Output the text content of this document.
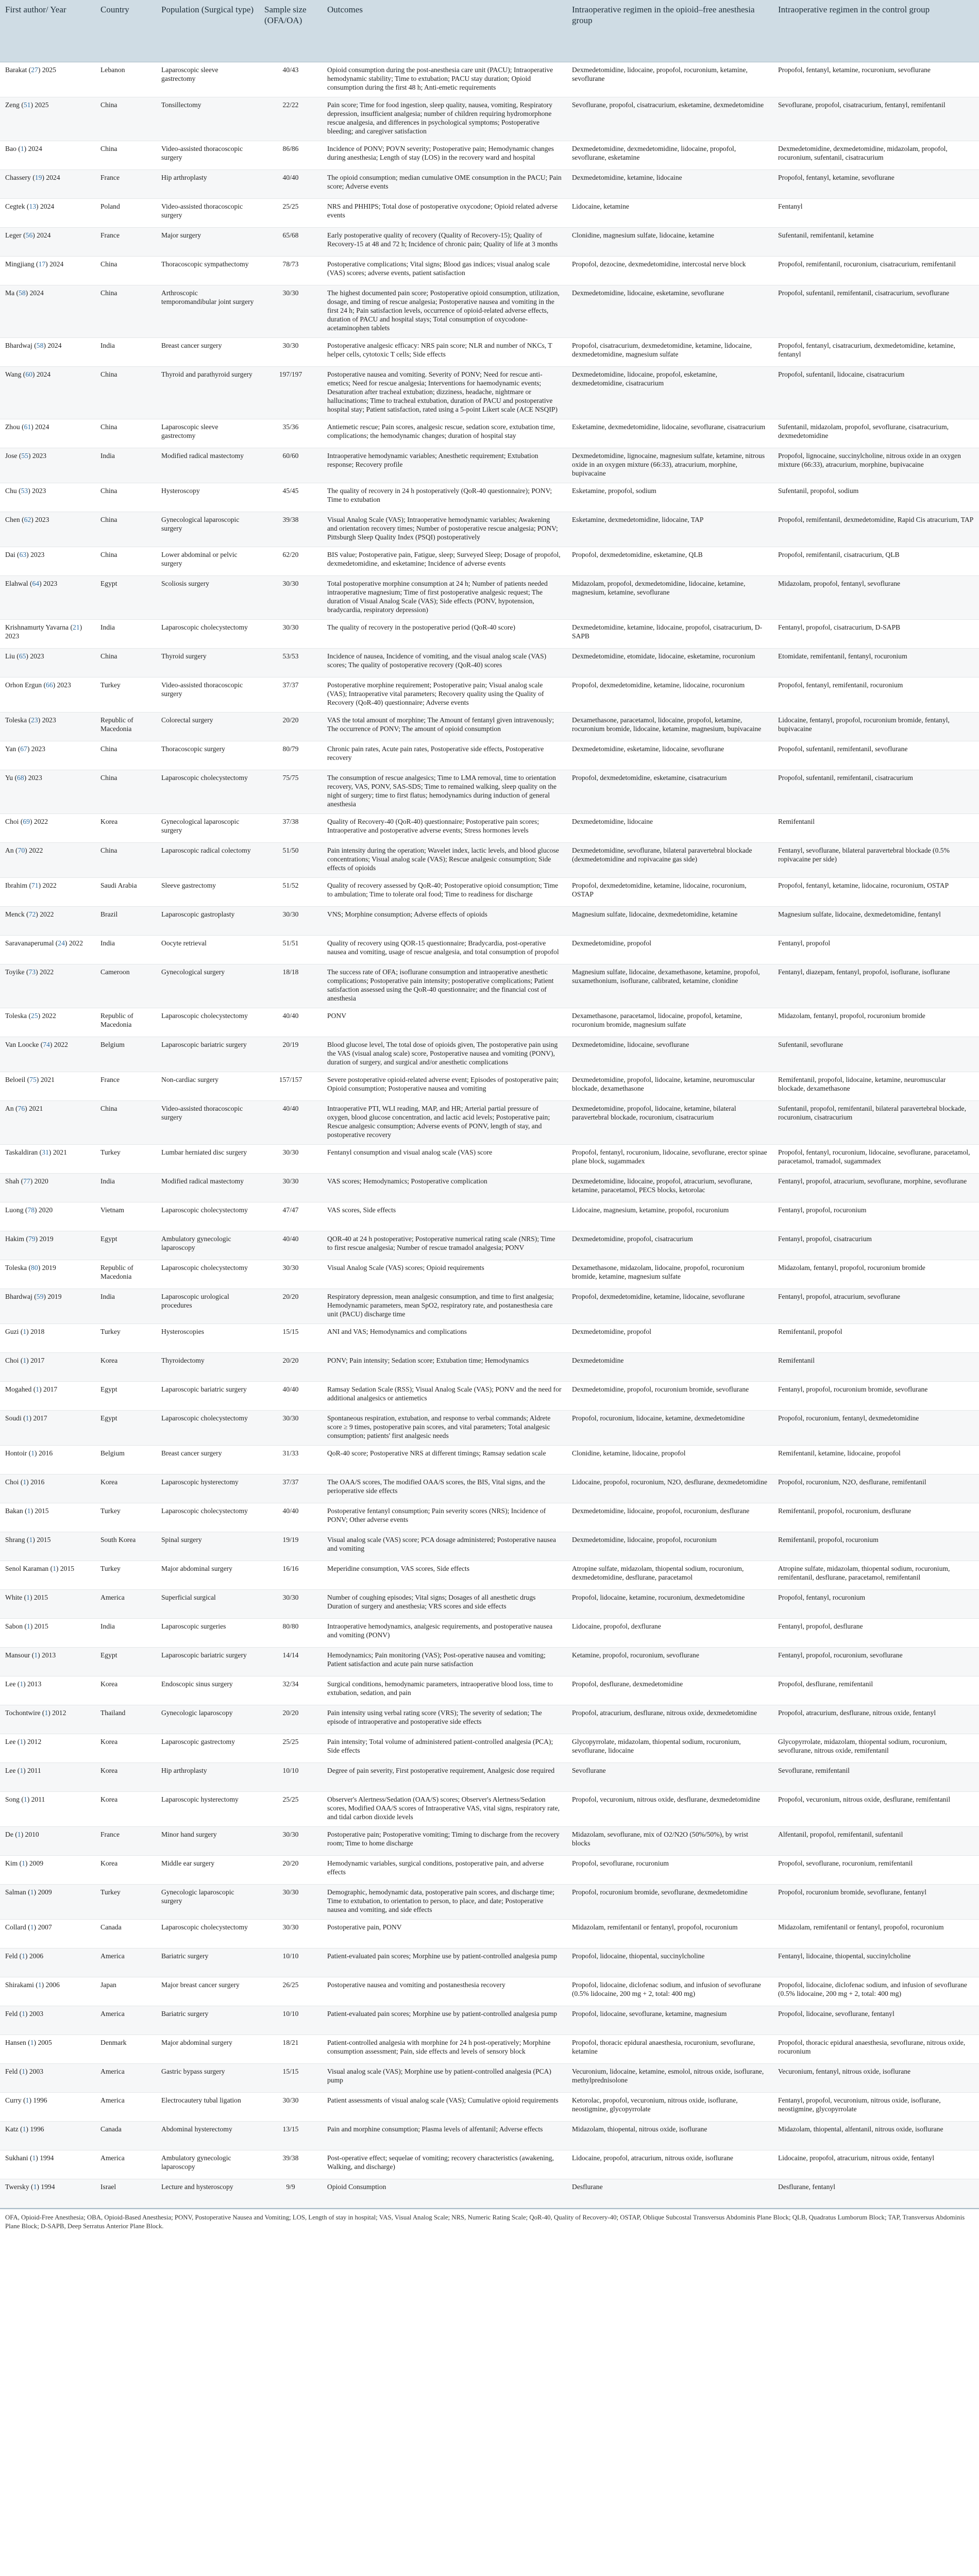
First author/ Year	Country	Population (Surgical type)	Sample size (OFA/OA)	Outcomes	Intraoperative regimen in the opioid–free anesthesia group	Intraoperative regimen in the control group
Barakat (27) 2025	Lebanon	Laparoscopic sleeve gastrectomy	40/43	Opioid consumption during the post-anesthesia care unit (PACU); Intraoperative hemodynamic stability; Time to extubation; PACU stay duration; Opioid consumption during the first 48 h; Anti-emetic requirements	Dexmedetomidine, lidocaine, propofol, rocuronium, ketamine, sevoflurane	Propofol, fentanyl, ketamine, rocuronium, sevoflurane
Zeng (51) 2025	China	Tonsillectomy	22/22	Pain score; Time for food ingestion, sleep quality, nausea, vomiting, Respiratory depression, insufficient analgesia; number of children requiring hydromorphone rescue analgesia, and differences in psychological symptoms; Postoperative bleeding; and caregiver satisfaction	Sevoflurane, propofol, cisatracurium, esketamine, dexmedetomidine	Sevoflurane, propofol, cisatracurium, fentanyl, remifentanil
Bao (1) 2024	China	Video-assisted thoracoscopic surgery	86/86	Incidence of PONV; POVN severity; Postoperative pain; Hemodynamic changes during anesthesia; Length of stay (LOS) in the recovery ward and hospital	Dexmedetomidine, dexmedetomidine, lidocaine, propofol, sevoflurane, esketamine	Dexmedetomidine, dexmedetomidine, midazolam, propofol, rocuronium, sufentanil, cisatracurium
Chassery (19) 2024	France	Hip arthroplasty	40/40	The opioid consumption; median cumulative OME consumption in the PACU; Pain score; Adverse events	Dexmedetomidine, ketamine, lidocaine	Propofol, fentanyl, ketamine, sevoflurane
Cegtek (13) 2024	Poland	Video-assisted thoracoscopic surgery	25/25	NRS and PHHIPS; Total dose of postoperative oxycodone; Opioid related adverse events	Lidocaine, ketamine	Fentanyl
Leger (56) 2024	France	Major surgery	65/68	Early postoperative quality of recovery (Quality of Recovery-15); Quality of Recovery-15 at 48 and 72 h; Incidence of chronic pain; Quality of life at 3 months	Clonidine, magnesium sulfate, lidocaine, ketamine	Sufentanil, remifentanil, ketamine
Mingjiang (17) 2024	China	Thoracoscopic sympathectomy	78/73	Postoperative complications; Vital signs; Blood gas indices; visual analog scale (VAS) scores; adverse events, patient satisfaction	Propofol, dezocine, dexmedetomidine, intercostal nerve block	Propofol, remifentanil, rocuronium, cisatracurium, remifentanil
Ma (58) 2024	China	Arthroscopic temporomandibular joint surgery	30/30	The highest documented pain score; Postoperative opioid consumption, utilization, dosage, and timing of rescue analgesia; Postoperative nausea and vomiting in the first 24 h; Pain satisfaction levels, occurrence of opioid-related adverse effects, duration of PACU and hospital stays; Total consumption of oxycodone-acetaminophen tablets	Dexmedetomidine, lidocaine, esketamine, sevoflurane	Propofol, sufentanil, remifentanil, cisatracurium, sevoflurane
Bhardwaj (58) 2024	India	Breast cancer surgery	30/30	Postoperative analgesic efficacy: NRS pain score; NLR and number of NKCs, T helper cells, cytotoxic T cells; Side effects	Propofol, cisatracurium, dexmedetomidine, ketamine, lidocaine, dexmedetomidine, magnesium sulfate	Propofol, fentanyl, cisatracurium, dexmedetomidine, ketamine, fentanyl
Wang (60) 2024	China	Thyroid and parathyroid surgery	197/197	Postoperative nausea and vomiting. Severity of PONV; Need for rescue anti-emetics; Need for rescue analgesia; Interventions for haemodynamic events; Desaturation after tracheal extubation; dizziness, headache, nightmare or hallucinations; Time to tracheal extubation, duration of PACU and postoperative hospital stay; Patient satisfaction, rated using a 5-point Likert scale (ACE NSQIP)	Dexmedetomidine, lidocaine, propofol, esketamine, dexmedetomidine, cisatracurium	Propofol, sufentanil, lidocaine, cisatracurium
Zhou (61) 2024	China	Laparoscopic sleeve gastrectomy	35/36	Antiemetic rescue; Pain scores, analgesic rescue, sedation score, extubation time, complications; the hemodynamic changes; duration of hospital stay	Esketamine, dexmedetomidine, lidocaine, sevoflurane, cisatracurium	Sufentanil, midazolam, propofol, sevoflurane, cisatracurium, dexmedetomidine
Jose (55) 2023	India	Modified radical mastectomy	60/60	Intraoperative hemodynamic variables; Anesthetic requirement; Extubation response; Recovery profile	Dexmedetomidine, lignocaine, magnesium sulfate, ketamine, nitrous oxide in an oxygen mixture (66:33), atracurium, morphine, bupivacaine	Propofol, lignocaine, succinylcholine, nitrous oxide in an oxygen mixture (66:33), atracurium, morphine, bupivacaine
Chu (53) 2023	China	Hysteroscopy	45/45	The quality of recovery in 24 h postoperatively (QoR-40 questionnaire); PONV; Time to extubation	Esketamine, propofol, sodium	Sufentanil, propofol, sodium
Chen (62) 2023	China	Gynecological laparoscopic surgery	39/38	Visual Analog Scale (VAS); Intraoperative hemodynamic variables; Awakening and orientation recovery times; Number of postoperative rescue analgesia; PONV; Pittsburgh Sleep Quality Index (PSQI) postoperatively	Esketamine, dexmedetomidine, lidocaine, TAP	Propofol, remifentanil, dexmedetomidine, Rapid Cis atracurium, TAP
Dai (63) 2023	China	Lower abdominal or pelvic surgery	62/20	BIS value; Postoperative pain, Fatigue, sleep; Surveyed Sleep; Dosage of propofol, dexmedetomidine, and esketamine; Incidence of adverse events	Propofol, dexmedetomidine, esketamine, QLB	Propofol, remifentanil, cisatracurium, QLB
Elahwal (64) 2023	Egypt	Scoliosis surgery	30/30	Total postoperative morphine consumption at 24 h; Number of patients needed intraoperative magnesium; Time of first postoperative analgesic request; The duration of Visual Analog Scale (VAS); Side effects (PONV, hypotension, bradycardia, respiratory depression)	Midazolam, propofol, dexmedetomidine, lidocaine, ketamine, magnesium, ketamine, sevoflurane	Midazolam, propofol, fentanyl, sevoflurane
Krishnamurty Yavarna (21) 2023	India	Laparoscopic cholecystectomy	30/30	The quality of recovery in the postoperative period (QoR-40 score)	Dexmedetomidine, ketamine, lidocaine, propofol, cisatracurium, D-SAPB	Fentanyl, propofol, cisatracurium, D-SAPB
Liu (65) 2023	China	Thyroid surgery	53/53	Incidence of nausea, Incidence of vomiting, and the visual analog scale (VAS) scores; The quality of postoperative recovery (QoR-40) scores	Dexmedetomidine, etomidate, lidocaine, esketamine, rocuronium	Etomidate, remifentanil, fentanyl, rocuronium
Orhon Ergun (66) 2023	Turkey	Video-assisted thoracoscopic surgery	37/37	Postoperative morphine requirement; Postoperative pain; Visual analog scale (VAS); Intraoperative vital parameters; Recovery quality using the Quality of Recovery (QoR-40) questionnaire; Adverse events	Propofol, dexmedetomidine, ketamine, lidocaine, rocuronium	Propofol, fentanyl, remifentanil, rocuronium
Toleska (23) 2023	Republic of Macedonia	Colorectal surgery	20/20	VAS the total amount of morphine; The Amount of fentanyl given intravenously; The occurrence of PONV; The amount of opioid consumption	Dexamethasone, paracetamol, lidocaine, propofol, ketamine, rocuronium bromide, lidocaine, ketamine, magnesium, bupivacaine	Lidocaine, fentanyl, propofol, rocuronium bromide, fentanyl, bupivacaine
Yan (67) 2023	China	Thoracoscopic surgery	80/79	Chronic pain rates, Acute pain rates, Postoperative side effects, Postoperative recovery	Dexmedetomidine, esketamine, lidocaine, sevoflurane	Propofol, sufentanil, remifentanil, sevoflurane
Yu (68) 2023	China	Laparoscopic cholecystectomy	75/75	The consumption of rescue analgesics; Time to LMA removal, time to orientation recovery, VAS, PONV, SAS-SDS; Time to remained walking, sleep quality on the night of surgery; time to first flatus; hemodynamics during induction of general anesthesia	Propofol, dexmedetomidine, esketamine, cisatracurium	Propofol, sufentanil, remifentanil, cisatracurium
Choi (69) 2022	Korea	Gynecological laparoscopic surgery	37/38	Quality of Recovery-40 (QoR-40) questionnaire; Postoperative pain scores; Intraoperative and postoperative adverse events; Stress hormones levels	Dexmedetomidine, lidocaine	Remifentanil
An (70) 2022	China	Laparoscopic radical colectomy	51/50	Pain intensity during the operation; Wavelet index, lactic levels, and blood glucose concentrations; Visual analog scale (VAS); Rescue analgesic consumption; Side effects of opioids	Dexmedetomidine, sevoflurane, bilateral paravertebral blockade (dexmedetomidine and ropivacaine gas side)	Fentanyl, sevoflurane, bilateral paravertebral blockade (0.5% ropivacaine per side)
Ibrahim (71) 2022	Saudi Arabia	Sleeve gastrectomy	51/52	Quality of recovery assessed by QoR-40; Postoperative opioid consumption; Time to ambulation; Time to tolerate oral food; Time to readiness for discharge	Propofol, dexmedetomidine, ketamine, lidocaine, rocuronium, OSTAP	Propofol, fentanyl, ketamine, lidocaine, rocuronium, OSTAP
Menck (72) 2022	Brazil	Laparoscopic gastroplasty	30/30	VNS; Morphine consumption; Adverse effects of opioids	Magnesium sulfate, lidocaine, dexmedetomidine, ketamine	Magnesium sulfate, lidocaine, dexmedetomidine, fentanyl
Saravanaperumal (24) 2022	India	Oocyte retrieval	51/51	Quality of recovery using QOR-15 questionnaire; Bradycardia, post-operative nausea and vomiting, usage of rescue analgesia, and total consumption of propofol	Dexmedetomidine, propofol	Fentanyl, propofol
Toyike (73) 2022	Cameroon	Gynecological surgery	18/18	The success rate of OFA; isoflurane consumption and intraoperative anesthetic complications; Postoperative pain intensity; postoperative complications; Patient satisfaction assessed using the QoR-40 questionnaire; and the financial cost of anesthesia	Magnesium sulfate, lidocaine, dexamethasone, ketamine, propofol, suxamethonium, isoflurane, calibrated, ketamine, clonidine	Fentanyl, diazepam, fentanyl, propofol, isoflurane, isoflurane
Toleska (25) 2022	Republic of Macedonia	Laparoscopic cholecystectomy	40/40	PONV	Dexamethasone, paracetamol, lidocaine, propofol, ketamine, rocuronium bromide, magnesium sulfate	Midazolam, fentanyl, propofol, rocuronium bromide
Van Loocke (74) 2022	Belgium	Laparoscopic bariatric surgery	20/19	Blood glucose level, The total dose of opioids given, The postoperative pain using the VAS (visual analog scale) score, Postoperative nausea and vomiting (PONV), duration of surgery, and surgical and/or anesthetic complications	Dexmedetomidine, lidocaine, sevoflurane	Sufentanil, sevoflurane
Beloeil (75) 2021	France	Non-cardiac surgery	157/157	Severe postoperative opioid-related adverse event; Episodes of postoperative pain; Opioid consumption; Postoperative nausea and vomiting	Dexmedetomidine, propofol, lidocaine, ketamine, neuromuscular blockade, dexamethasone	Remifentanil, propofol, lidocaine, ketamine, neuromuscular blockade, dexamethasone
An (76) 2021	China	Video-assisted thoracoscopic surgery	40/40	Intraoperative PTI, WLI reading, MAP, and HR; Arterial partial pressure of oxygen, blood glucose concentration, and lactic acid levels; Postoperative pain; Rescue analgesic consumption; Adverse events of PONV, length of stay, and postoperative recovery	Dexmedetomidine, propofol, lidocaine, ketamine, bilateral paravertebral blockade, rocuronium, cisatracurium	Sufentanil, propofol, remifentanil, bilateral paravertebral blockade, rocuronium, cisatracurium
Taskaldiran (31) 2021	Turkey	Lumbar herniated disc surgery	30/30	Fentanyl consumption and visual analog scale (VAS) score	Propofol, fentanyl, rocuronium, lidocaine, sevoflurane, erector spinae plane block, sugammadex	Propofol, fentanyl, rocuronium, lidocaine, sevoflurane, paracetamol, paracetamol, tramadol, sugammadex
Shah (77) 2020	India	Modified radical mastectomy	30/30	VAS scores; Hemodynamics; Postoperative complication	Dexmedetomidine, lidocaine, propofol, atracurium, sevoflurane, ketamine, paracetamol, PECS blocks, ketorolac	Fentanyl, propofol, atracurium, sevoflurane, morphine, sevoflurane
Luong (78) 2020	Vietnam	Laparoscopic cholecystectomy	47/47	VAS scores, Side effects	Lidocaine, magnesium, ketamine, propofol, rocuronium	Fentanyl, propofol, rocuronium
Hakim (79) 2019	Egypt	Ambulatory gynecologic laparoscopy	40/40	QOR-40 at 24 h postoperative; Postoperative numerical rating scale (NRS); Time to first rescue analgesia; Number of rescue tramadol analgesia; PONV	Dexmedetomidine, propofol, cisatracurium	Fentanyl, propofol, cisatracurium
Toleska (80) 2019	Republic of Macedonia	Laparoscopic cholecystectomy	30/30	Visual Analog Scale (VAS) scores; Opioid requirements	Dexamethasone, midazolam, lidocaine, propofol, rocuronium bromide, ketamine, magnesium sulfate	Midazolam, fentanyl, propofol, rocuronium bromide
Bhardwaj (59) 2019	India	Laparoscopic urological procedures	20/20	Respiratory depression, mean analgesic consumption, and time to first analgesia; Hemodynamic parameters, mean SpO2, respiratory rate, and postanesthesia care unit (PACU) discharge time	Propofol, dexmedetomidine, ketamine, lidocaine, sevoflurane	Fentanyl, propofol, atracurium, sevoflurane
Guzi (1) 2018	Turkey	Hysteroscopies	15/15	ANI and VAS; Hemodynamics and complications	Dexmedetomidine, propofol	Remifentanil, propofol
Choi (1) 2017	Korea	Thyroidectomy	20/20	PONV; Pain intensity; Sedation score; Extubation time; Hemodynamics	Dexmedetomidine	Remifentanil
Mogahed (1) 2017	Egypt	Laparoscopic bariatric surgery	40/40	Ramsay Sedation Scale (RSS); Visual Analog Scale (VAS); PONV and the need for additional analgesics or antiemetics	Dexmedetomidine, propofol, rocuronium bromide, sevoflurane	Fentanyl, propofol, rocuronium bromide, sevoflurane
Soudi (1) 2017	Egypt	Laparoscopic cholecystectomy	30/30	Spontaneous respiration, extubation, and response to verbal commands; Aldrete score ≥ 9 times, postoperative pain scores, and vital parameters; Total analgesic consumption; patients' first analgesic needs	Propofol, rocuronium, lidocaine, ketamine, dexmedetomidine	Propofol, rocuronium, fentanyl, dexmedetomidine
Hontoir (1) 2016	Belgium	Breast cancer surgery	31/33	QoR-40 score; Postoperative NRS at different timings; Ramsay sedation scale	Clonidine, ketamine, lidocaine, propofol	Remifentanil, ketamine, lidocaine, propofol
Choi (1) 2016	Korea	Laparoscopic hysterectomy	37/37	The OAA/S scores, The modified OAA/S scores, the BIS, Vital signs, and the perioperative side effects	Lidocaine, propofol, rocuronium, N2O, desflurane, dexmedetomidine	Propofol, rocuronium, N2O, desflurane, remifentanil
Bakan (1) 2015	Turkey	Laparoscopic cholecystectomy	40/40	Postoperative fentanyl consumption; Pain severity scores (NRS); Incidence of PONV; Other adverse events	Dexmedetomidine, lidocaine, propofol, rocuronium, desflurane	Remifentanil, propofol, rocuronium, desflurane
Shrang (1) 2015	South Korea	Spinal surgery	19/19	Visual analog scale (VAS) score; PCA dosage administered; Postoperative nausea and vomiting	Dexmedetomidine, lidocaine, propofol, rocuronium	Remifentanil, propofol, rocuronium
Senol Karaman (1) 2015	Turkey	Major abdominal surgery	16/16	Meperidine consumption, VAS scores, Side effects	Atropine sulfate, midazolam, thiopental sodium, rocuronium, dexmedetomidine, desflurane, paracetamol	Atropine sulfate, midazolam, thiopental sodium, rocuronium, remifentanil, desflurane, paracetamol, remifentanil
White (1) 2015	America	Superficial surgical	30/30	Number of coughing episodes; Vital signs; Dosages of all anesthetic drugs Duration of surgery and anesthesia; VRS scores and side effects	Propofol, lidocaine, ketamine, rocuronium, dexmedetomidine	Propofol, fentanyl, rocuronium
Sabon (1) 2015	India	Laparoscopic surgeries	80/80	Intraoperative hemodynamics, analgesic requirements, and postoperative nausea and vomiting (PONV)	Lidocaine, propofol, dexflurane	Fentanyl, propofol, desflurane
Mansour (1) 2013	Egypt	Laparoscopic bariatric surgery	14/14	Hemodynamics; Pain monitoring (VAS); Post-operative nausea and vomiting; Patient satisfaction and acute pain nurse satisfaction	Ketamine, propofol, rocuronium, sevoflurane	Fentanyl, propofol, rocuronium, sevoflurane
Lee (1) 2013	Korea	Endoscopic sinus surgery	32/34	Surgical conditions, hemodynamic parameters, intraoperative blood loss, time to extubation, sedation, and pain	Propofol, desflurane, dexmedetomidine	Propofol, desflurane, remifentanil
Tochontwire (1) 2012	Thailand	Gynecologic laparoscopy	20/20	Pain intensity using verbal rating score (VRS); The severity of sedation; The episode of intraoperative and postoperative side effects	Propofol, atracurium, desflurane, nitrous oxide, dexmedetomidine	Propofol, atracurium, desflurane, nitrous oxide, fentanyl
Lee (1) 2012	Korea	Laparoscopic gastrectomy	25/25	Pain intensity; Total volume of administered patient-controlled analgesia (PCA); Side effects	Glycopyrrolate, midazolam, thiopental sodium, rocuronium, sevoflurane, lidocaine	Glycopyrrolate, midazolam, thiopental sodium, rocuronium, sevoflurane, nitrous oxide, remifentanil
Lee (1) 2011	Korea	Hip arthroplasty	10/10	Degree of pain severity, First postoperative requirement, Analgesic dose required	Sevoflurane	Sevoflurane, remifentanil
Song (1) 2011	Korea	Laparoscopic hysterectomy	25/25	Observer's Alertness/Sedation (OAA/S) scores; Observer's Alertness/Sedation scores, Modified OAA/S scores of Intraoperative VAS, vital signs, respiratory rate, and tidal carbon dioxide levels	Propofol, vecuronium, nitrous oxide, desflurane, dexmedetomidine	Propofol, vecuronium, nitrous oxide, desflurane, remifentanil
De (1) 2010	France	Minor hand surgery	30/30	Postoperative pain; Postoperative vomiting; Timing to discharge from the recovery room; Time to home discharge	Midazolam, sevoflurane, mix of O2/N2O (50%/50%), by wrist blocks	Alfentanil, propofol, remifentanil, sufentanil
Kim (1) 2009	Korea	Middle ear surgery	20/20	Hemodynamic variables, surgical conditions, postoperative pain, and adverse effects	Propofol, sevoflurane, rocuronium	Propofol, sevoflurane, rocuronium, remifentanil
Salman (1) 2009	Turkey	Gynecologic laparoscopic surgery	30/30	Demographic, hemodynamic data, postoperative pain scores, and discharge time; Time to extubation, to orientation to person, to place, and date; Postoperative nausea and vomiting, and side effects	Propofol, rocuronium bromide, sevoflurane, dexmedetomidine	Propofol, rocuronium bromide, sevoflurane, fentanyl
Collard (1) 2007	Canada	Laparoscopic cholecystectomy	30/30	Postoperative pain, PONV	Midazolam, remifentanil or fentanyl, propofol, rocuronium	Midazolam, remifentanil or fentanyl, propofol, rocuronium
Feld (1) 2006	America	Bariatric surgery	10/10	Patient-evaluated pain scores; Morphine use by patient-controlled analgesia pump	Propofol, lidocaine, thiopental, succinylcholine	Fentanyl, lidocaine, thiopental, succinylcholine
Shirakami (1) 2006	Japan	Major breast cancer surgery	26/25	Postoperative nausea and vomiting and postanesthesia recovery	Propofol, lidocaine, diclofenac sodium, and infusion of sevoflurane (0.5% lidocaine, 200 mg + 2, total: 400 mg)	Propofol, lidocaine, diclofenac sodium, and infusion of sevoflurane (0.5% lidocaine, 200 mg + 2, total: 400 mg)
Feld (1) 2003	America	Bariatric surgery	10/10	Patient-evaluated pain scores; Morphine use by patient-controlled analgesia pump	Propofol, lidocaine, sevoflurane, ketamine, magnesium	Propofol, lidocaine, sevoflurane, fentanyl
Hansen (1) 2005	Denmark	Major abdominal surgery	18/21	Patient-controlled analgesia with morphine for 24 h post-operatively; Morphine consumption assessment; Pain, side effects and levels of sensory block	Propofol, thoracic epidural anaesthesia, rocuronium, sevoflurane, ketamine	Propofol, thoracic epidural anaesthesia, sevoflurane, nitrous oxide, rocuronium
Feld (1) 2003	America	Gastric bypass surgery	15/15	Visual analog scale (VAS); Morphine use by patient-controlled analgesia (PCA) pump	Vecuronium, lidocaine, ketamine, esmolol, nitrous oxide, isoflurane, methylprednisolone	Vecuronium, fentanyl, nitrous oxide, isoflurane
Curry (1) 1996	America	Electrocautery tubal ligation	30/30	Patient assessments of visual analog scale (VAS); Cumulative opioid requirements	Ketorolac, propofol, vecuronium, nitrous oxide, isoflurane, neostigmine, glycopyrrolate	Fentanyl, propofol, vecuronium, nitrous oxide, isoflurane, neostigmine, glycopyrrolate
Katz (1) 1996	Canada	Abdominal hysterectomy	13/15	Pain and morphine consumption; Plasma levels of alfentanil; Adverse effects	Midazolam, thiopental, nitrous oxide, isoflurane	Midazolam, thiopental, alfentanil, nitrous oxide, isoflurane
Sukhani (1) 1994	America	Ambulatory gynecologic laparoscopy	39/38	Post-operative effect; sequelae of vomiting; recovery characteristics (awakening, Walking, and discharge)	Lidocaine, propofol, atracurium, nitrous oxide, isoflurane	Lidocaine, propofol, atracurium, nitrous oxide, fentanyl
Twersky (1) 1994	Israel	Lecture and hysteroscopy	9/9	Opioid Consumption	Desflurane	Desflurane, fentanyl
OFA, Opioid-Free Anesthesia; OBA, Opioid-Based Anesthesia; PONV, Postoperative Nausea and Vomiting; LOS, Length of stay in hospital; VAS, Visual Analog Scale; NRS, Numeric Rating Scale; QoR-40, Quality of Recovery-40; OSTAP, Oblique Subcostal Transversus Abdominis Plane Block; QLB, Quadratus Lumborum Block; TAP, Transversus Abdominis Plane Block; D-SAPB, Deep Serratus Anterior Plane Block.
